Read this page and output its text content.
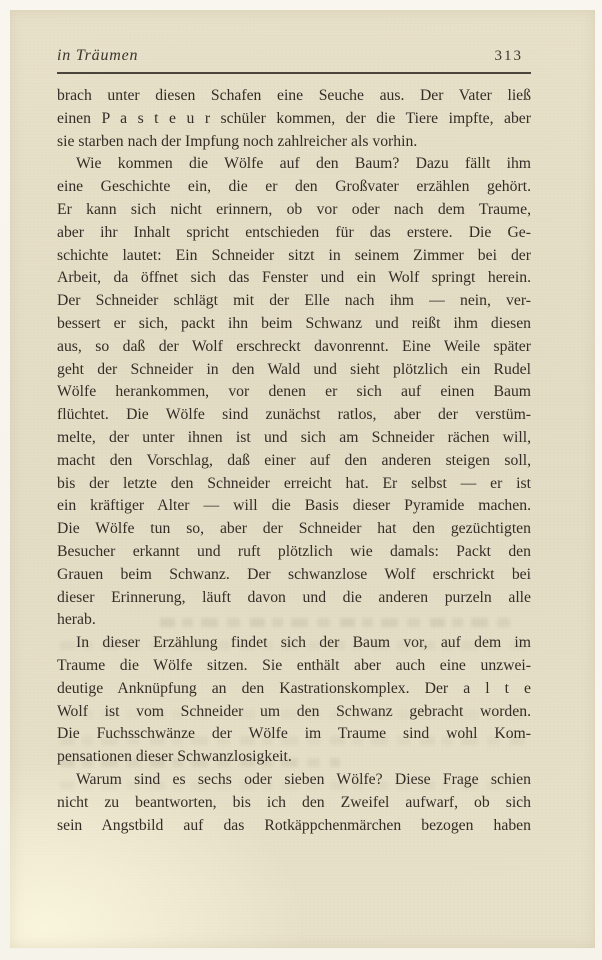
in Träumen	313
brach unter diesen Schafen eine Seuche aus. Der Vater ließ
einen P a s t e u r schüler kommen, der die Tiere impfte, aber
sie starben nach der Impfung noch zahlreicher als vorhin.
Wie kommen die Wölfe auf den Baum? Dazu fällt ihm
eine Geschichte ein, die er den Großvater erzählen gehört.
Er kann sich nicht erinnern, ob vor oder nach dem Traume,
aber ihr Inhalt spricht entschieden für das erstere. Die Ge-
schichte lautet: Ein Schneider sitzt in seinem Zimmer bei der
Arbeit, da öffnet sich das Fenster und ein Wolf springt herein.
Der Schneider schlägt mit der Elle nach ihm — nein, ver-
bessert er sich, packt ihn beim Schwanz und reißt ihm diesen
aus, so daß der Wolf erschreckt davonrennt. Eine Weile später
geht der Schneider in den Wald und sieht plötzlich ein Rudel
Wölfe herankommen, vor denen er sich auf einen Baum
flüchtet. Die Wölfe sind zunächst ratlos, aber der verstüm-
melte, der unter ihnen ist und sich am Schneider rächen will,
macht den Vorschlag, daß einer auf den anderen steigen soll,
bis der letzte den Schneider erreicht hat. Er selbst — er ist
ein kräftiger Alter — will die Basis dieser Pyramide machen.
Die Wölfe tun so, aber der Schneider hat den gezüchtigten
Besucher erkannt und ruft plötzlich wie damals: Packt den
Grauen beim Schwanz. Der schwanzlose Wolf erschrickt bei
dieser Erinnerung, läuft davon und die anderen purzeln alle
herab.
In dieser Erzählung findet sich der Baum vor, auf dem im
Traume die Wölfe sitzen. Sie enthält aber auch eine unzwei-
deutige Anknüpfung an den Kastrationskomplex. Der a l t e
Wolf ist vom Schneider um den Schwanz gebracht worden.
Die Fuchsschwänze der Wölfe im Traume sind wohl Kom-
pensationen dieser Schwanzlosigkeit.
Warum sind es sechs oder sieben Wölfe? Diese Frage schien
nicht zu beantworten, bis ich den Zweifel aufwarf, ob sich
sein Angstbild auf das Rotkäppchenmärchen bezogen haben
